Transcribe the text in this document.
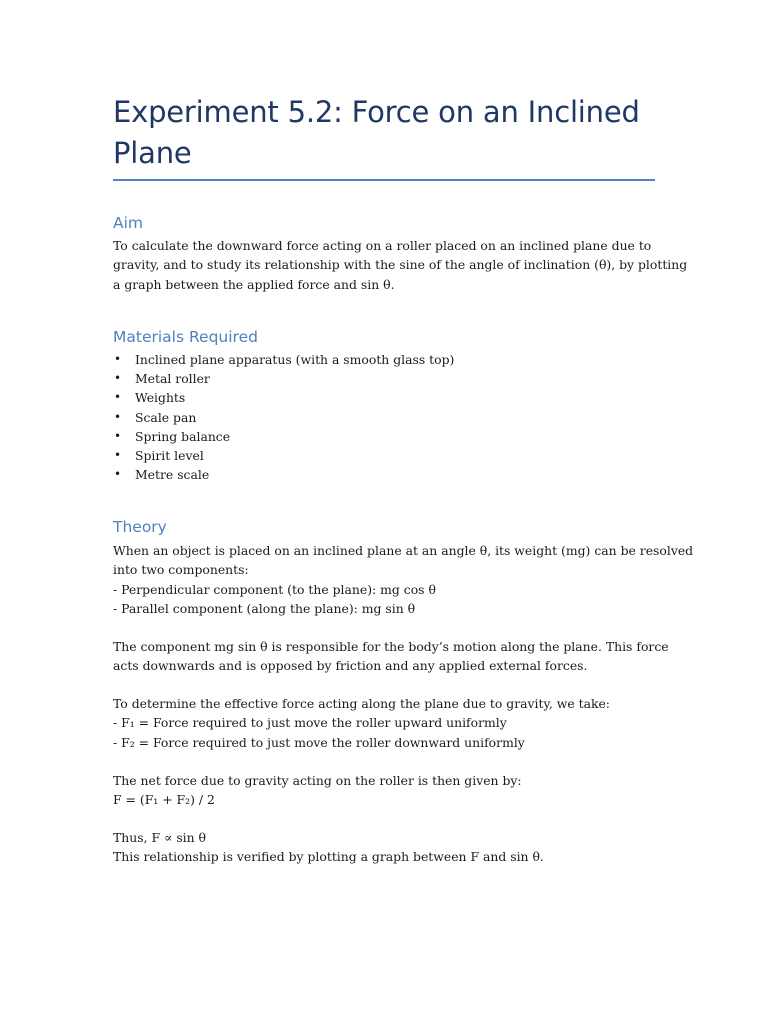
Experiment 5.2: Force on an Inclined
Plane
Aim

To calculate the downward force acting on a roller placed on an inclined plane due to
gravity, and to study its relationship with the sine of the angle of inclination (θ), by plotting
a graph between the applied force and sin θ.

Materials Required
• Inclined plane apparatus (with a smooth glass top)
• Metal roller
• Weights
• Scale pan
• Spring balance
• Spirit level
• Metre scale
Theory

When an object is placed on an inclined plane at an angle θ, its weight (mg) can be resolved
into two components:
- Perpendicular component (to the plane): mg cos θ
- Parallel component (along the plane): mg sin θ

The component mg sin θ is responsible for the body’s motion along the plane. This force
acts downwards and is opposed by friction and any applied external forces.

To determine the effective force acting along the plane due to gravity, we take:
- F₁ = Force required to just move the roller upward uniformly
- F₂ = Force required to just move the roller downward uniformly

The net force due to gravity acting on the roller is then given by:
F = (F₁ + F₂) / 2

Thus, F ∝ sin θ
This relationship is verified by plotting a graph between F and sin θ.
